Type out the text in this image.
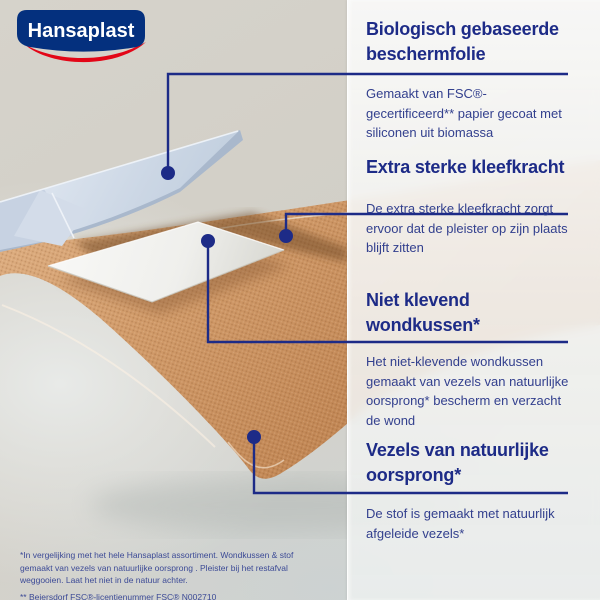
Hansaplast	Biologisch gebaseerde beschermfolie

Gemaakt van FSC®-gecertificeerd** papier gecoat met siliconen uit biomassa

Extra sterke kleefkracht

De extra sterke kleefkracht zorgt ervoor dat de pleister op zijn plaats blijft zitten

Niet klevend wondkussen*

Het niet-klevende wondkussen gemaakt van vezels van natuurlijke oorsprong* bescherm en verzacht de wond

Vezels van natuurlijke oorsprong*

De stof is gemaakt met natuurlijk afgeleide vezels*

*In vergelijking met het hele Hansaplast assortiment. Wondkussen & stof gemaakt van vezels van natuurlijke oorsprong . Pleister bij het restafval weggooien. Laat het niet in de natuur achter.
** Beiersdorf FSC®-licentienummer FSC® N002710
